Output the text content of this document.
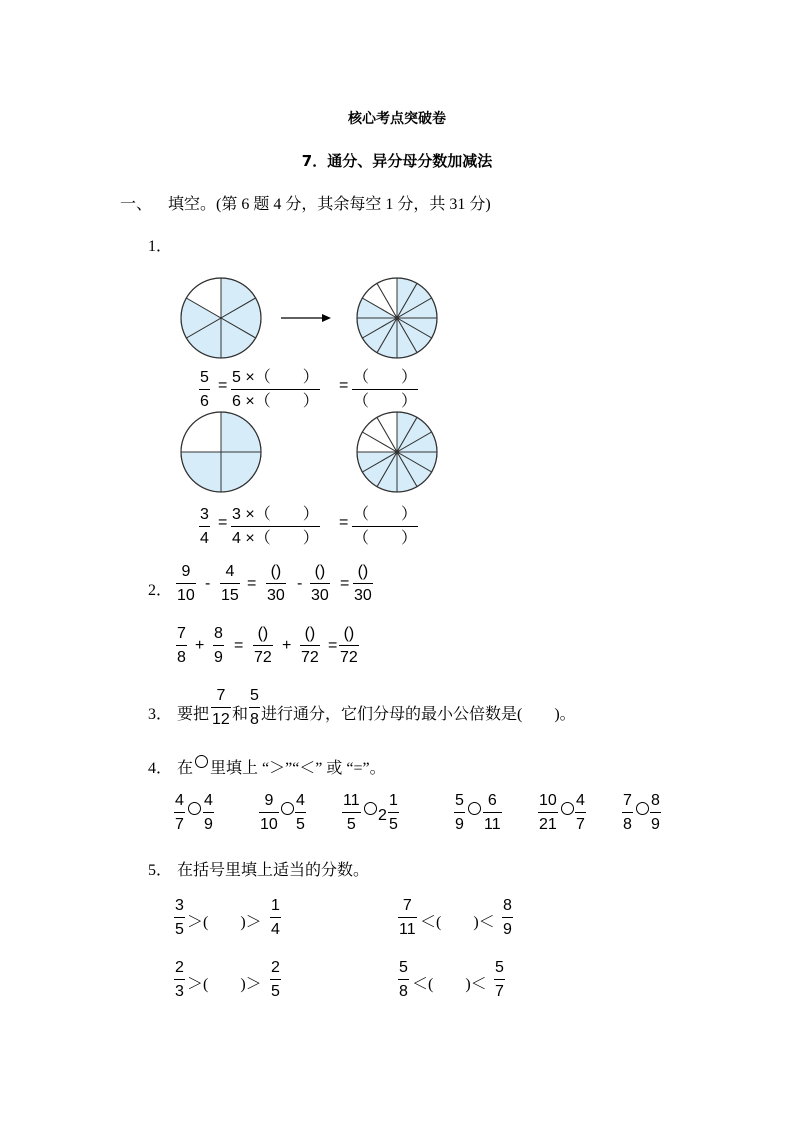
核心考点突破卷
7．通分、异分母分数加减法
一、 填空。(第 6 题 4 分，其余每空 1 分，共 31 分)
1．
5
6
= 5 ×（　　）
6 ×（　　）
= （　　）
（　　）
3
4
= 3 ×（　　）
4 ×（　　）
= （　　）
（　　）
2．
9
10
-
4
15
=
()
30
-
()
30
=
()
30
7
8
+
8
9
=
()
72
+
()
72
=
()
72
3． 要把
7
12 和
5
8 进行通分，它们分母的最小公倍数是(　　)。
4． 在 里填上 “＞”“＜” 或 “=”。
4
7
4
9
9
10
4
5
11
5
2
1
5
5
9
6
11
10
21
4
7
7
8
8
9
5． 在括号里填上适当的分数。
3
5 ＞(　　)＞
1
4
7
11 ＜(　　)＜
8
9
2
3 ＞(　　)＞
2
5
5
8 ＜(　　)＜
5
7
